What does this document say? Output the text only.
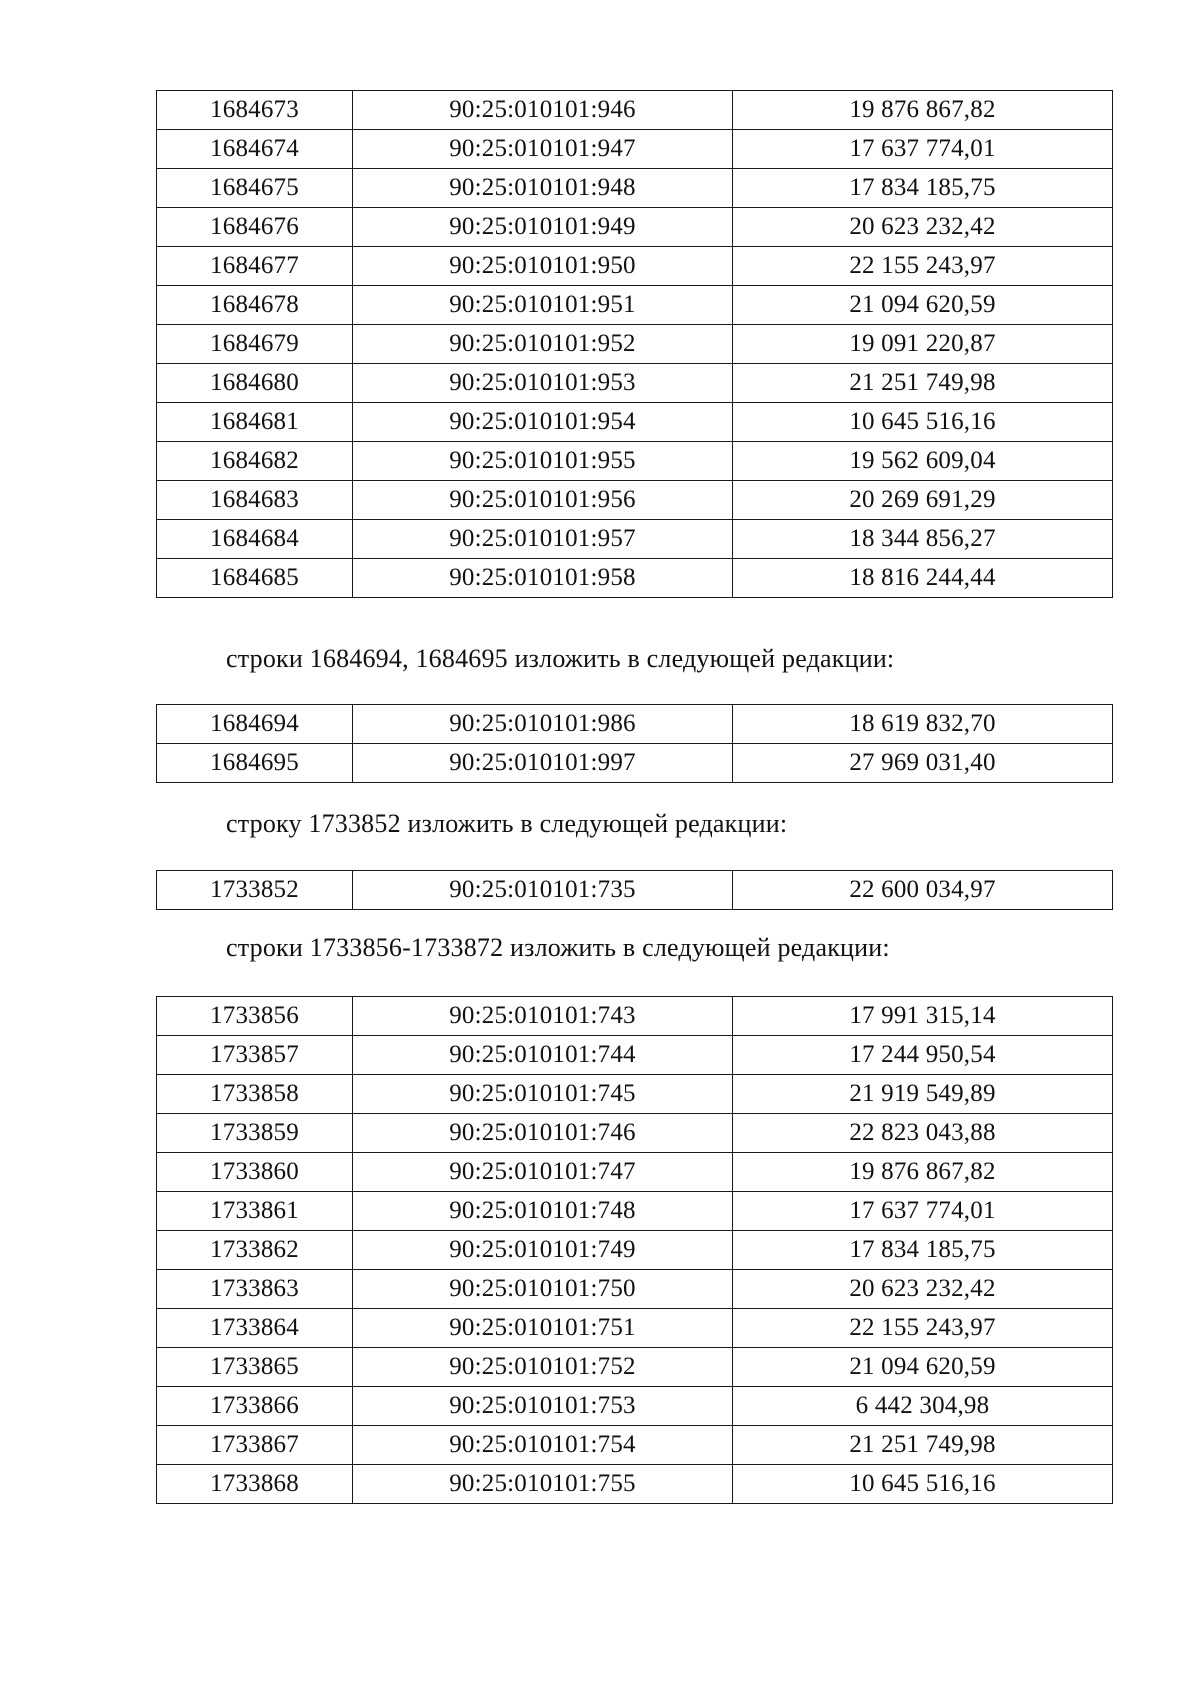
1684673	90:25:010101:946	19 876 867,82
1684674	90:25:010101:947	17 637 774,01
1684675	90:25:010101:948	17 834 185,75
1684676	90:25:010101:949	20 623 232,42
1684677	90:25:010101:950	22 155 243,97
1684678	90:25:010101:951	21 094 620,59
1684679	90:25:010101:952	19 091 220,87
1684680	90:25:010101:953	21 251 749,98
1684681	90:25:010101:954	10 645 516,16
1684682	90:25:010101:955	19 562 609,04
1684683	90:25:010101:956	20 269 691,29
1684684	90:25:010101:957	18 344 856,27
1684685	90:25:010101:958	18 816 244,44
строки 1684694, 1684695 изложить в следующей редакции:
1684694	90:25:010101:986	18 619 832,70
1684695	90:25:010101:997	27 969 031,40
строку 1733852 изложить в следующей редакции:
1733852	90:25:010101:735	22 600 034,97
строки 1733856-1733872 изложить в следующей редакции:
1733856	90:25:010101:743	17 991 315,14
1733857	90:25:010101:744	17 244 950,54
1733858	90:25:010101:745	21 919 549,89
1733859	90:25:010101:746	22 823 043,88
1733860	90:25:010101:747	19 876 867,82
1733861	90:25:010101:748	17 637 774,01
1733862	90:25:010101:749	17 834 185,75
1733863	90:25:010101:750	20 623 232,42
1733864	90:25:010101:751	22 155 243,97
1733865	90:25:010101:752	21 094 620,59
1733866	90:25:010101:753	6 442 304,98
1733867	90:25:010101:754	21 251 749,98
1733868	90:25:010101:755	10 645 516,16
